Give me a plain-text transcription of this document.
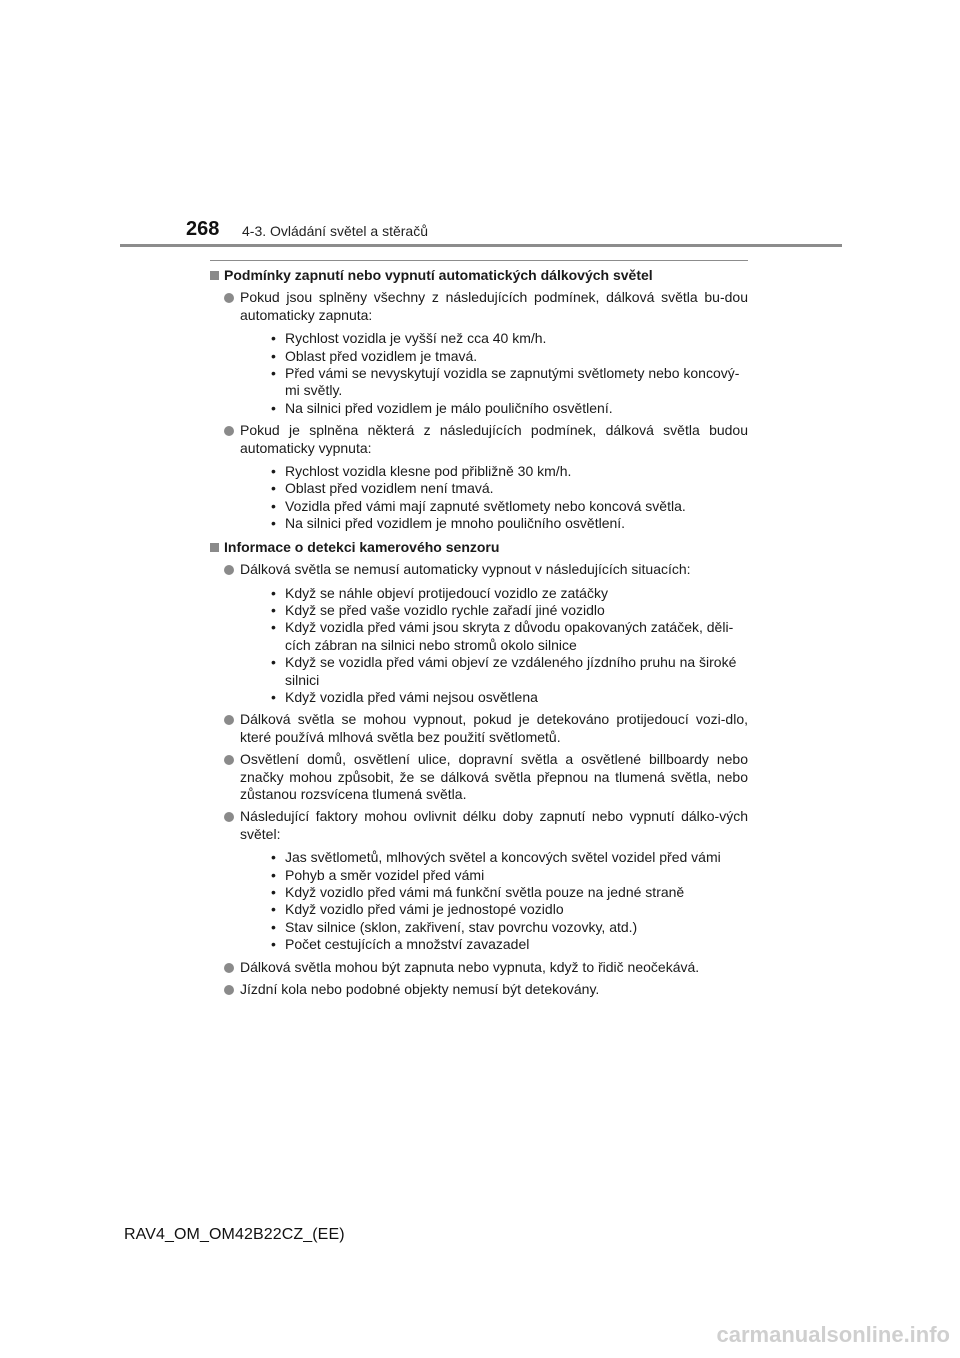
268 4-3. Ovládání světel a stěračů
Podmínky zapnutí nebo vypnutí automatických dálkových světel
Pokud jsou splněny všechny z následujících podmínek, dálková světla bu-dou automaticky zapnuta:
• Rychlost vozidla je vyšší než cca 40 km/h.
• Oblast před vozidlem je tmavá.
• Před vámi se nevyskytují vozidla se zapnutými světlomety nebo koncový-mi světly.
• Na silnici před vozidlem je málo pouličního osvětlení.
Pokud je splněna některá z následujících podmínek, dálková světla budou automaticky vypnuta:
• Rychlost vozidla klesne pod přibližně 30 km/h.
• Oblast před vozidlem není tmavá.
• Vozidla před vámi mají zapnuté světlomety nebo koncová světla.
• Na silnici před vozidlem je mnoho pouličního osvětlení.
Informace o detekci kamerového senzoru
Dálková světla se nemusí automaticky vypnout v následujících situacích:
• Když se náhle objeví protijedoucí vozidlo ze zatáčky
• Když se před vaše vozidlo rychle zařadí jiné vozidlo
• Když vozidla před vámi jsou skryta z důvodu opakovaných zatáček, děli-cích zábran na silnici nebo stromů okolo silnice
• Když se vozidla před vámi objeví ze vzdáleného jízdního pruhu na široké silnici
• Když vozidla před vámi nejsou osvětlena
Dálková světla se mohou vypnout, pokud je detekováno protijedoucí vozi-dlo, které používá mlhová světla bez použití světlometů.
Osvětlení domů, osvětlení ulice, dopravní světla a osvětlené billboardy nebo značky mohou způsobit, že se dálková světla přepnou na tlumená světla, nebo zůstanou rozsvícena tlumená světla.
Následující faktory mohou ovlivnit délku doby zapnutí nebo vypnutí dálko-vých světel:
• Jas světlometů, mlhových světel a koncových světel vozidel před vámi
• Pohyb a směr vozidel před vámi
• Když vozidlo před vámi má funkční světla pouze na jedné straně
• Když vozidlo před vámi je jednostopé vozidlo
• Stav silnice (sklon, zakřivení, stav povrchu vozovky, atd.)
• Počet cestujících a množství zavazadel
Dálková světla mohou být zapnuta nebo vypnuta, když to řidič neočekává.
Jízdní kola nebo podobné objekty nemusí být detekovány.
RAV4_OM_OM42B22CZ_(EE)
carmanualsonline.info
